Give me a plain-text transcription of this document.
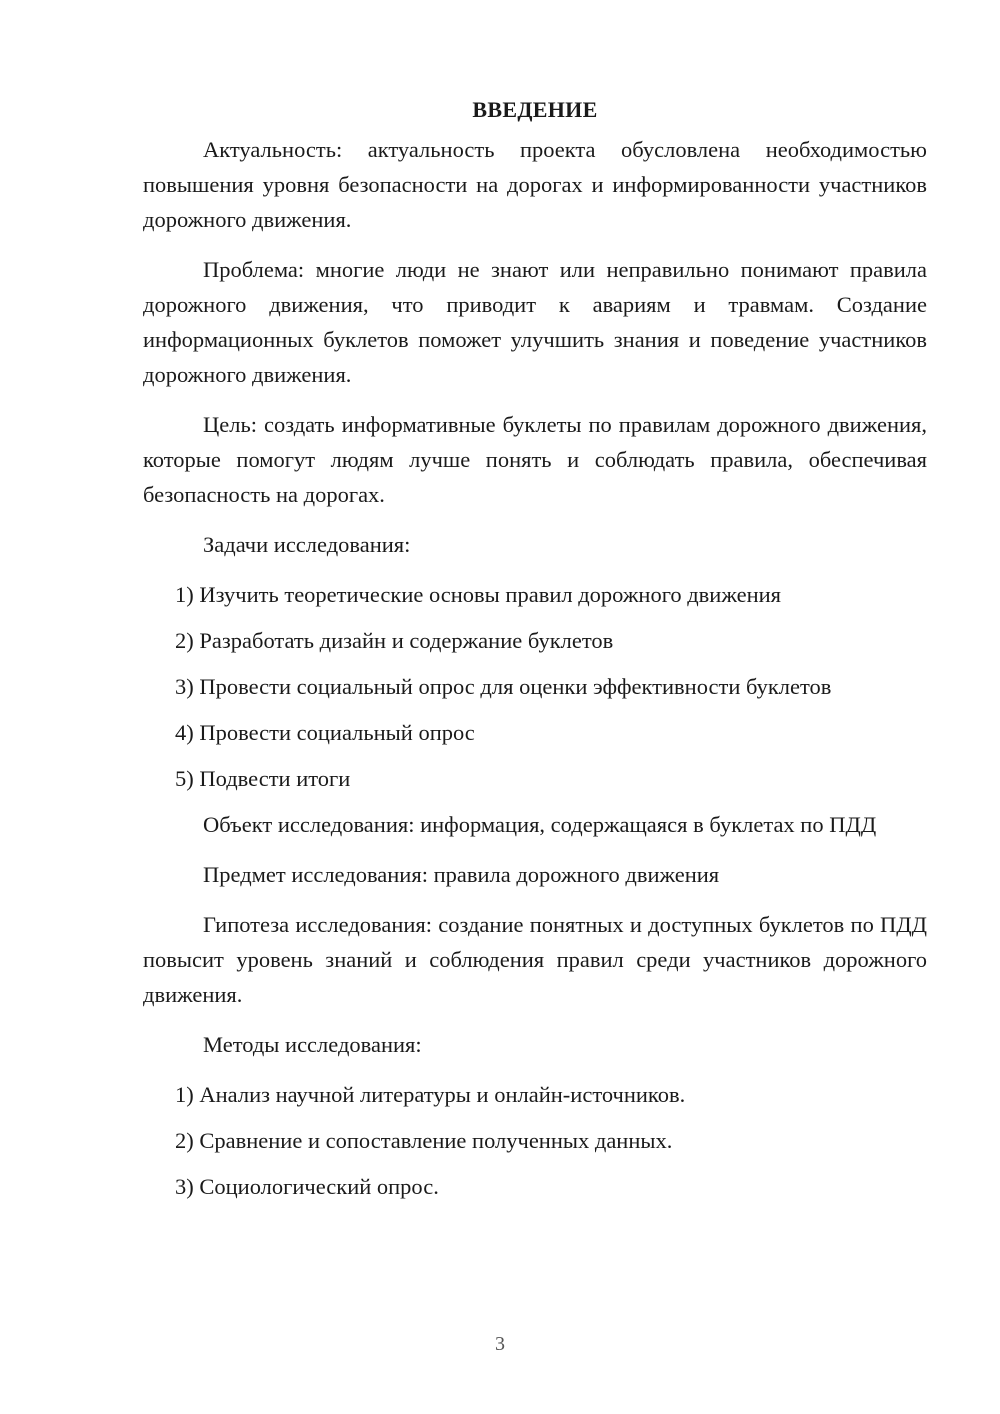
ВВЕДЕНИЕ

Актуальность: актуальность проекта обусловлена необходимостью повышения уровня безопасности на дорогах и информированности участников дорожного движения.

Проблема: многие люди не знают или неправильно понимают правила дорожного движения, что приводит к авариям и травмам. Создание информационных буклетов поможет улучшить знания и поведение участников дорожного движения.

Цель: создать информативные буклеты по правилам дорожного движения, которые помогут людям лучше понять и соблюдать правила, обеспечивая безопасность на дорогах.

Задачи исследования:

1) Изучить теоретические основы правил дорожного движения
2) Разработать дизайн и содержание буклетов
3) Провести социальный опрос для оценки эффективности буклетов
4) Провести социальный опрос
5) Подвести итоги

Объект исследования: информация, содержащаяся в буклетах по ПДД

Предмет исследования: правила дорожного движения

Гипотеза исследования: создание понятных и доступных буклетов по ПДД повысит уровень знаний и соблюдения правил среди участников дорожного движения.

Методы исследования:

1) Анализ научной литературы и онлайн-источников.
2) Сравнение и сопоставление полученных данных.
3) Социологический опрос.
3
